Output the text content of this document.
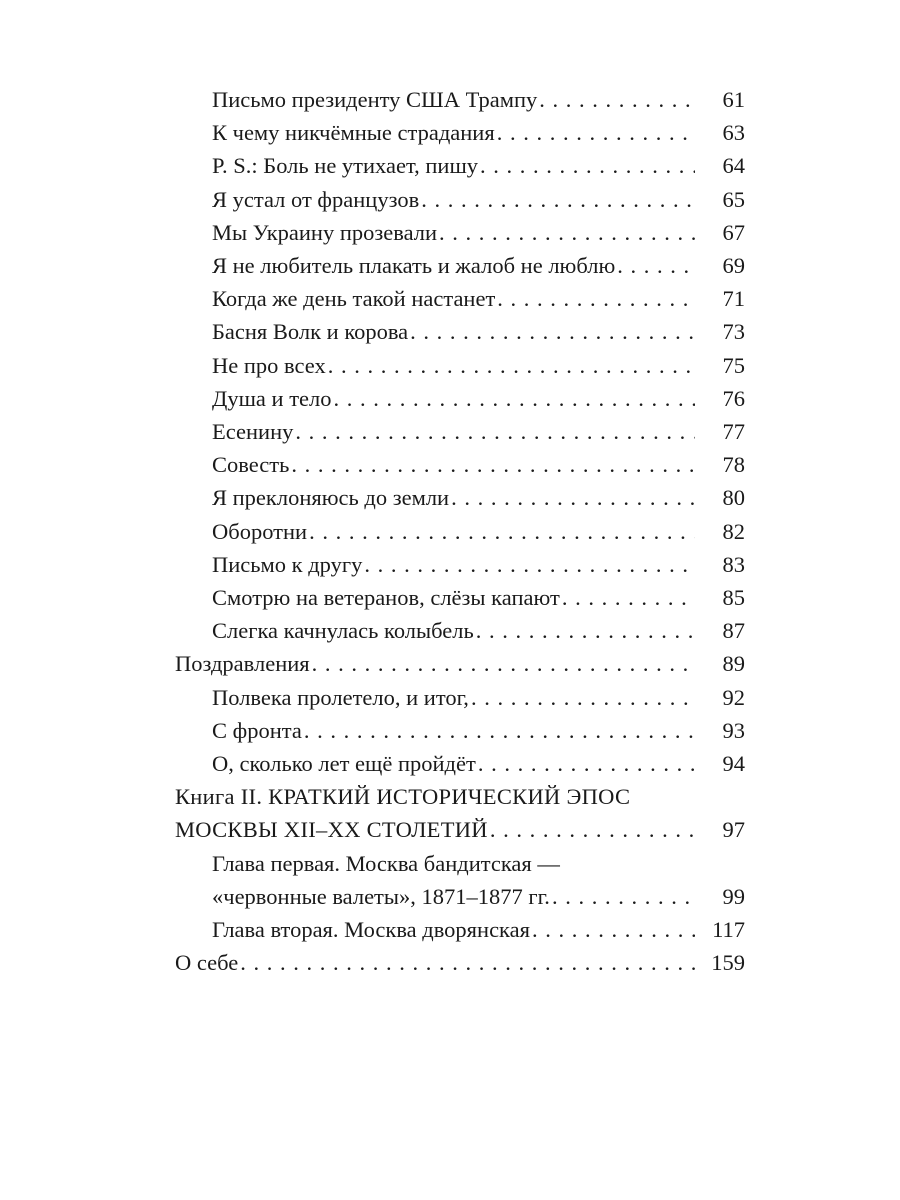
Письмо президенту США Трампу . . .	61
К чему никчёмные страдания . . .	63
P. S.: Боль не утихает, пишу . . .	64
Я устал от французов . . .	65
Мы Украину прозевали . . .	67
Я не любитель плакать и жалоб не люблю . . .	69
Когда же день такой настанет . . .	71
Басня Волк и корова . . .	73
Не про всех . . .	75
Душа и тело . . .	76
Есенину . . .	77
Совесть . . .	78
Я преклоняюсь до земли . . .	80
Оборотни . . .	82
Письмо к другу . . .	83
Смотрю на ветеранов, слёзы капают . . .	85
Слегка качнулась колыбель . . .	87
Поздравления . . .	89
Полвека пролетело, и итог, . . .	92
С фронта . . .	93
О, сколько лет ещё пройдёт . . .	94
Книга II. КРАТКИЙ ИСТОРИЧЕСКИЙ ЭПОС
МОСКВЫ XII–XX СТОЛЕТИЙ . . .	97
Глава первая. Москва бандитская —
«червонные валеты», 1871–1877 гг. . . .	99
Глава вторая. Москва дворянская . . .	117
О себе . . .	159
